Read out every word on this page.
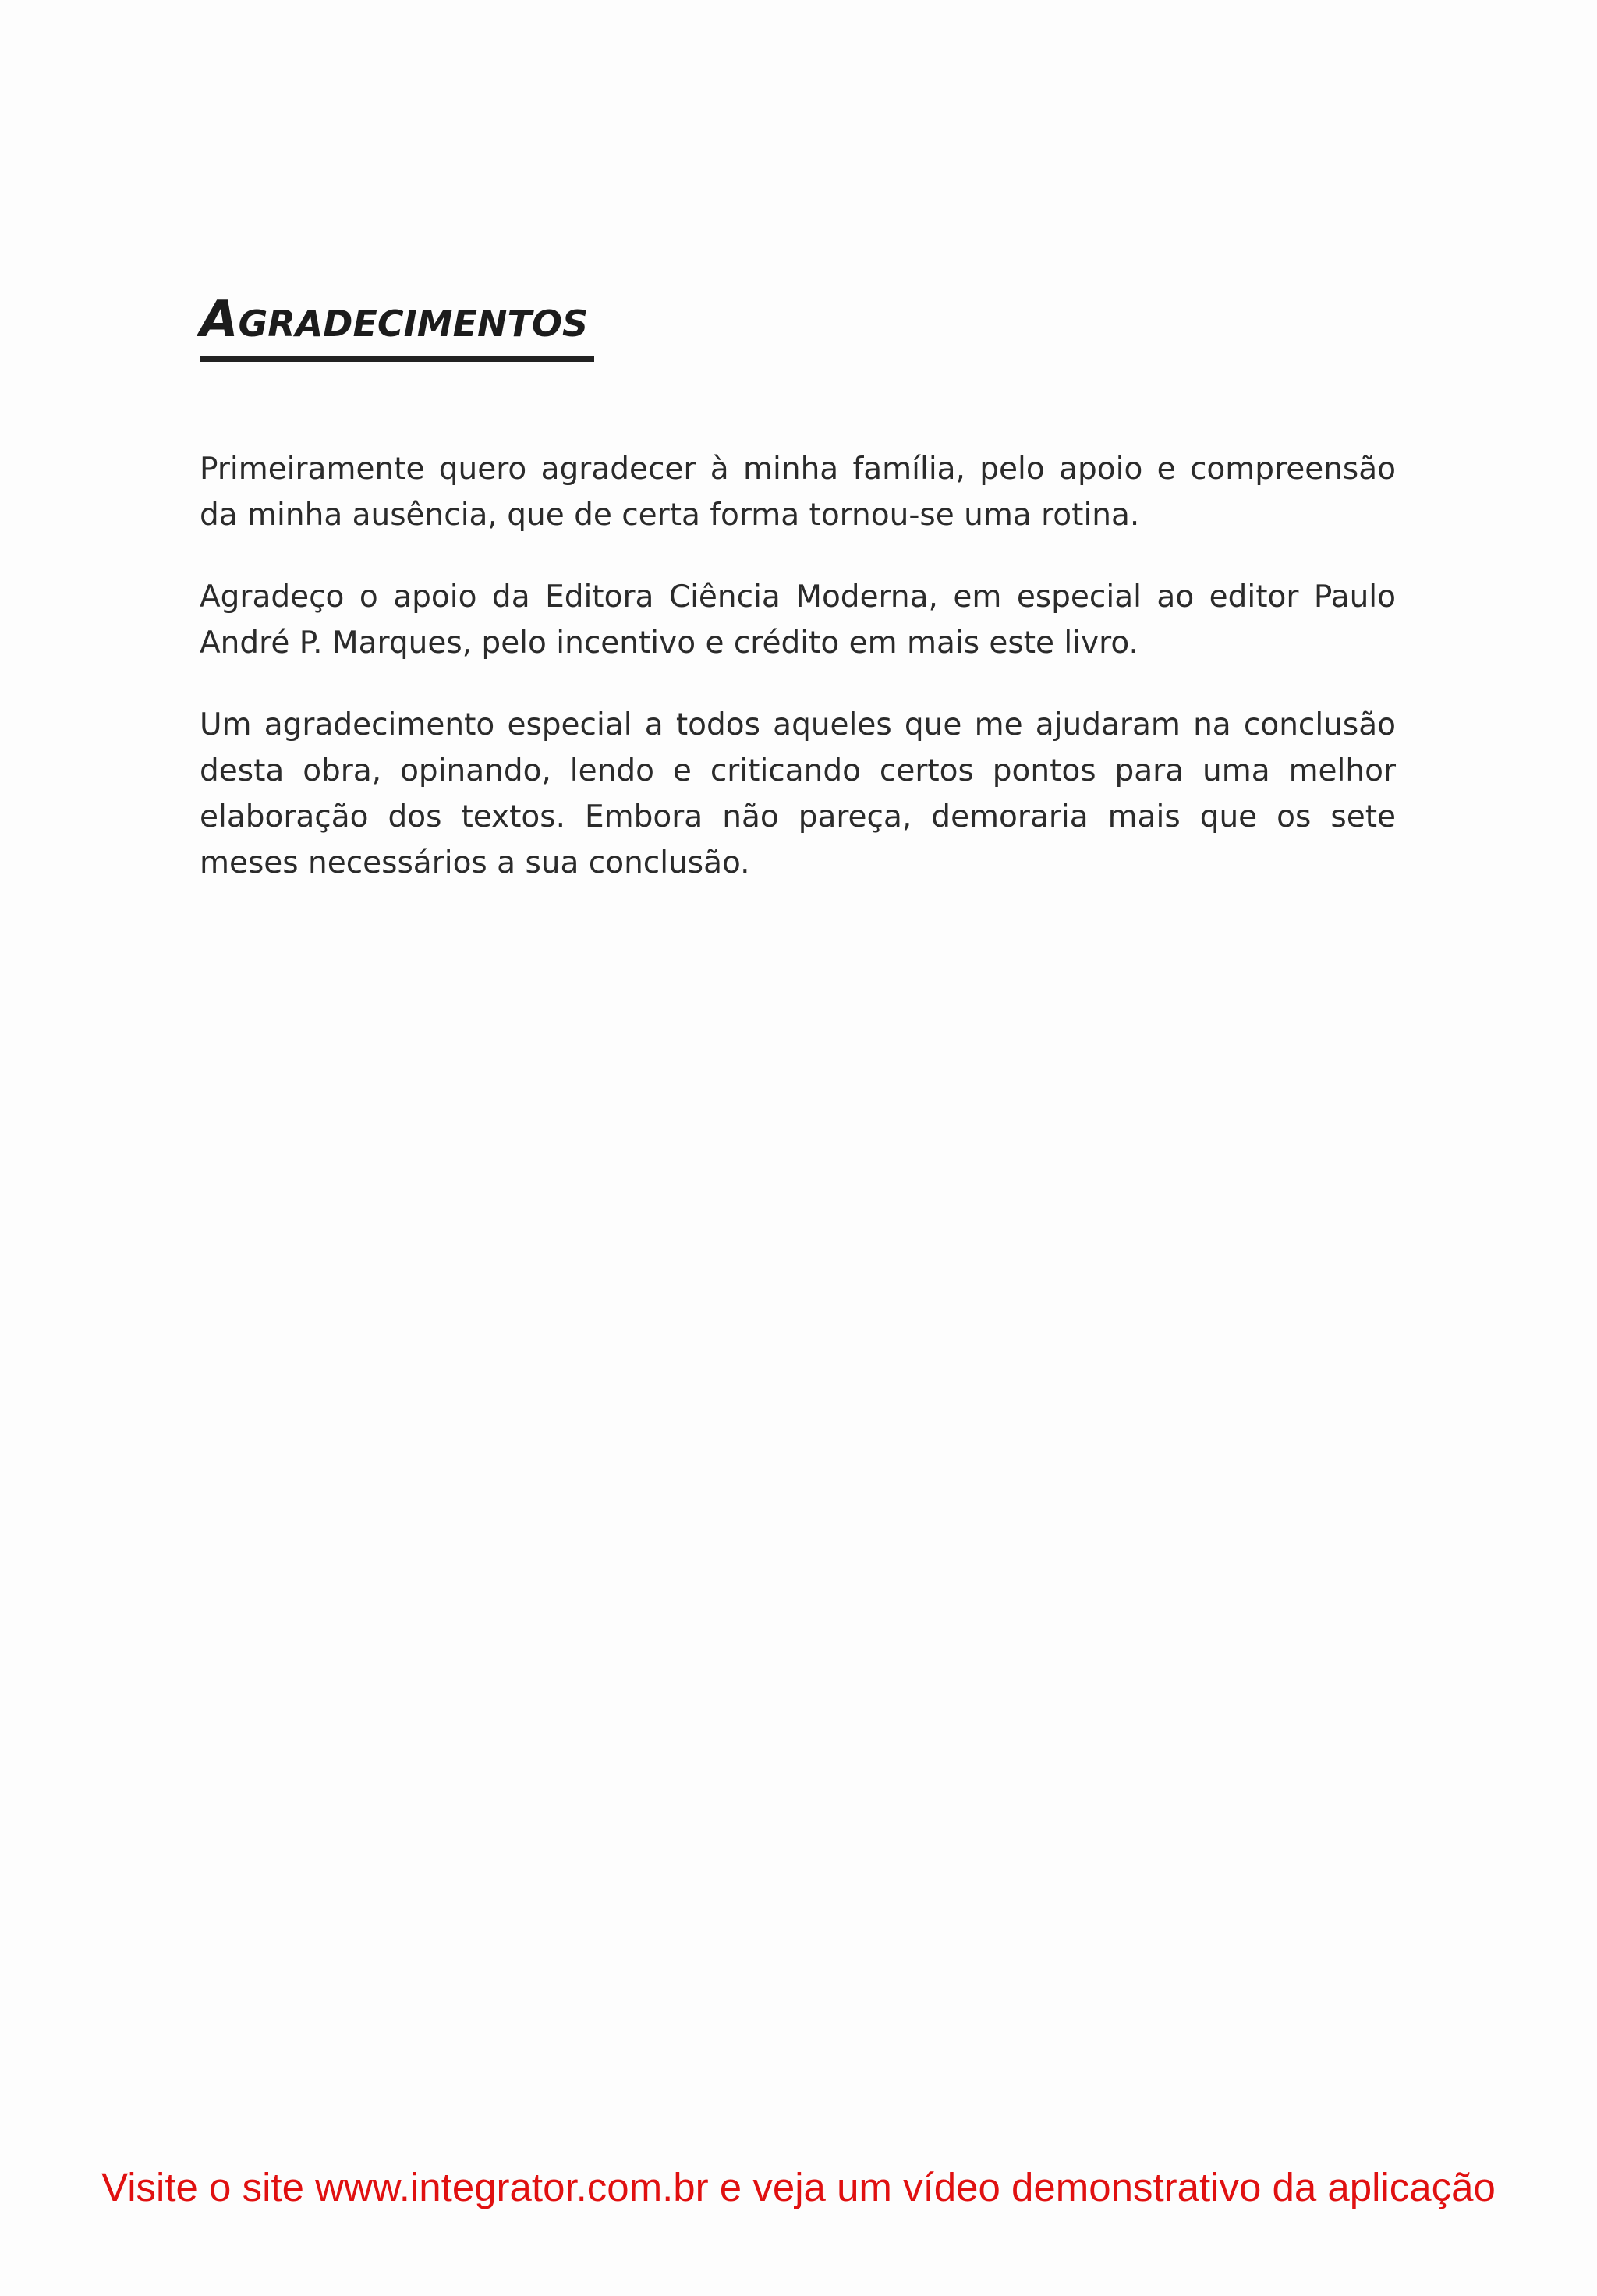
AGRADECIMENTOS

Primeiramente quero agradecer à minha família, pelo apoio e compreensão da minha ausência, que de certa forma tornou-se uma rotina.

Agradeço o apoio da Editora Ciência Moderna, em especial ao editor Paulo André P. Marques, pelo incentivo e crédito em mais este livro.

Um agradecimento especial a todos aqueles que me ajudaram na conclusão desta obra, opinando, lendo e criticando certos pontos para uma melhor elaboração dos textos. Embora não pareça, demoraria mais que os sete meses necessários a sua conclusão.

Visite o site www.integrator.com.br e veja um vídeo demonstrativo da aplicação
